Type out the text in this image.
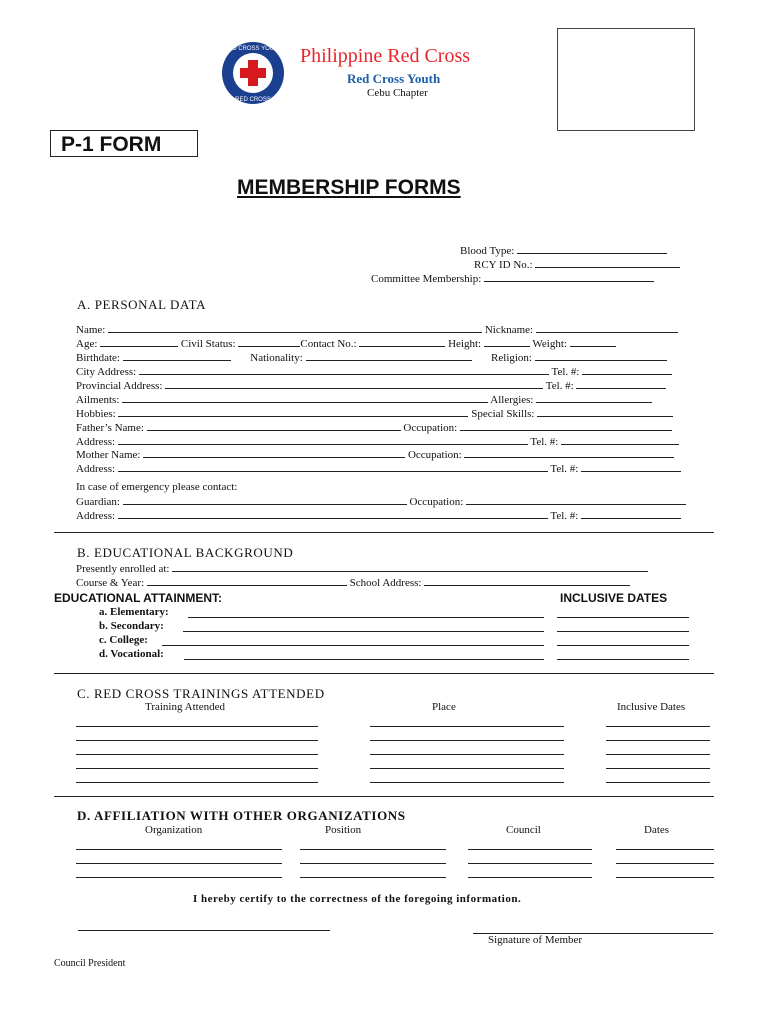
RED CROSS YOUTH
RED CROSS
Philippine Red Cross
Red Cross Youth
Cebu Chapter
P-1 FORM
MEMBERSHIP FORMS
Blood Type:
RCY ID No.:
Committee Membership:
A. PERSONAL DATA
Name:	Nickname:
Age:	Civil Status:	Contact No.:	Height:	Weight:
Birthdate:	Nationality:	Religion:
City Address:	Tel. #:
Provincial Address:	Tel. #:
Ailments:	Allergies:
Hobbies:	Special Skills:
Father’s Name:	Occupation:
Address:	Tel. #:
Mother Name:	Occupation:
Address:	Tel. #:
In case of emergency please contact:
Guardian:	Occupation:
Address:	Tel. #:
B. EDUCATIONAL BACKGROUND
Presently enrolled at:
Course & Year:	School Address:
EDUCATIONAL ATTAINMENT:	INCLUSIVE DATES
a. Elementary:
b. Secondary:
c. College:
d. Vocational:
C. RED CROSS TRAININGS ATTENDED
Training Attended	Place	Inclusive Dates
D. AFFILIATION WITH OTHER ORGANIZATIONS
Organization	Position	Council	Dates
I hereby certify to the correctness of the foregoing information.
Signature of Member
Council President
